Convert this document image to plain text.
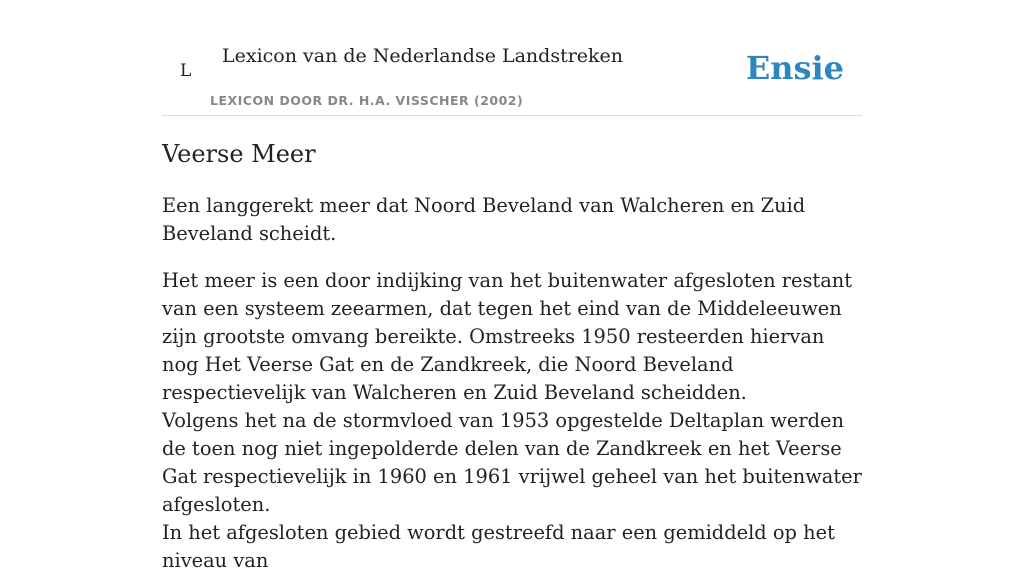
L
Lexicon van de Nederlandse Landstreken
LEXICON DOOR DR. H.A. VISSCHER (2002)
Ensie
Veerse Meer

Een langgerekt meer dat Noord Beveland van Walcheren en Zuid Beveland scheidt.

Het meer is een door indijking van het buitenwater afgesloten restant van een systeem zeearmen, dat tegen het eind van de Middeleeuwen zijn grootste omvang bereikte. Omstreeks 1950 resteerden hiervan nog Het Veerse Gat en de Zandkreek, die Noord Beveland respectievelijk van Walcheren en Zuid Beveland scheidden.

Volgens het na de stormvloed van 1953 opgestelde Deltaplan werden de toen nog niet ingepolderde delen van de Zandkreek en het Veerse Gat respectievelijk in 1960 en 1961 vrijwel geheel van het buitenwater afgesloten.

In het afgesloten gebied wordt gestreefd naar een gemiddeld op het niveau van
